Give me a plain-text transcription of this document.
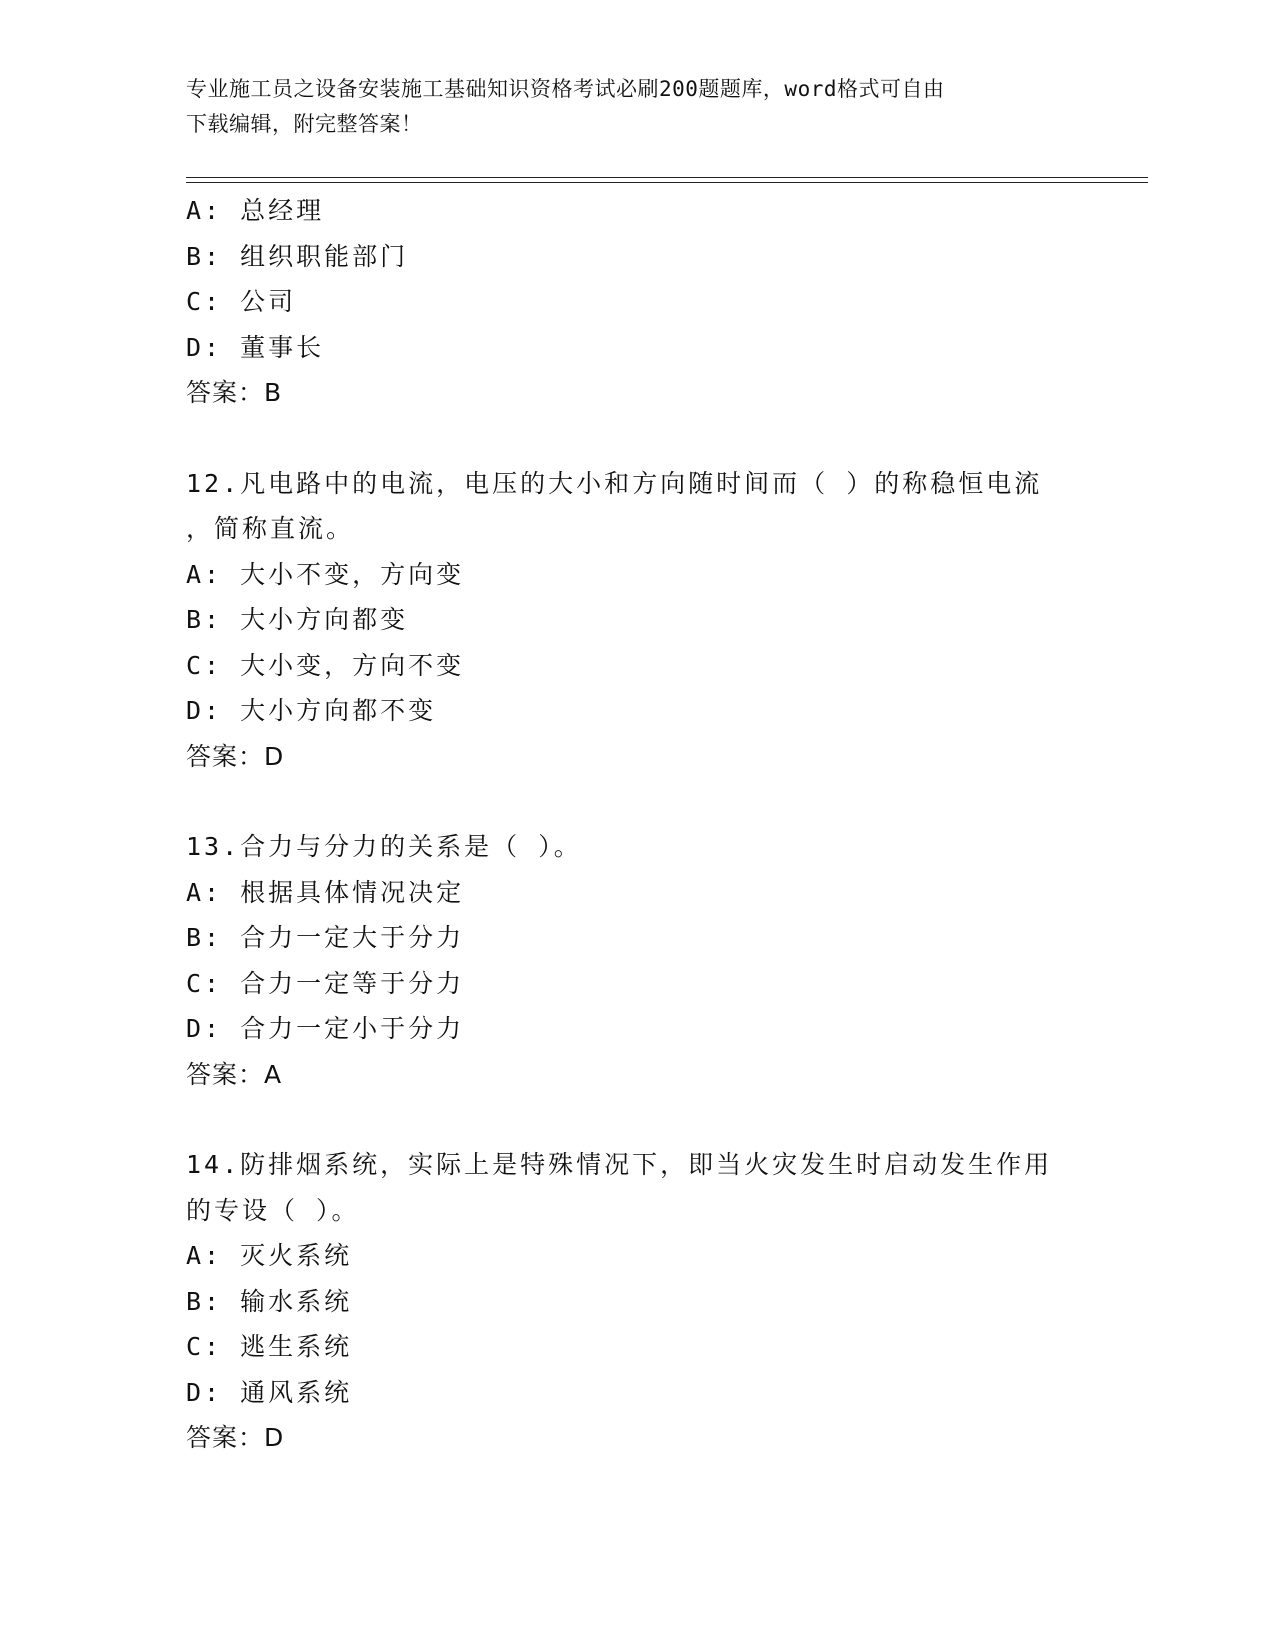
专业施工员之设备安装施工基础知识资格考试必刷200题题库，word格式可自由
下载编辑，附完整答案！
A: 总经理
B: 组织职能部门
C: 公司
D: 董事长
答案：B
12.凡电路中的电流，电压的大小和方向随时间而（ ）的称稳恒电流
，简称直流。
A: 大小不变，方向变
B: 大小方向都变
C: 大小变，方向不变
D: 大小方向都不变
答案：D
13.合力与分力的关系是（ ）。
A: 根据具体情况决定
B: 合力一定大于分力
C: 合力一定等于分力
D: 合力一定小于分力
答案：A
14.防排烟系统，实际上是特殊情况下，即当火灾发生时启动发生作用
的专设（ ）。
A: 灭火系统
B: 输水系统
C: 逃生系统
D: 通风系统
答案：D
